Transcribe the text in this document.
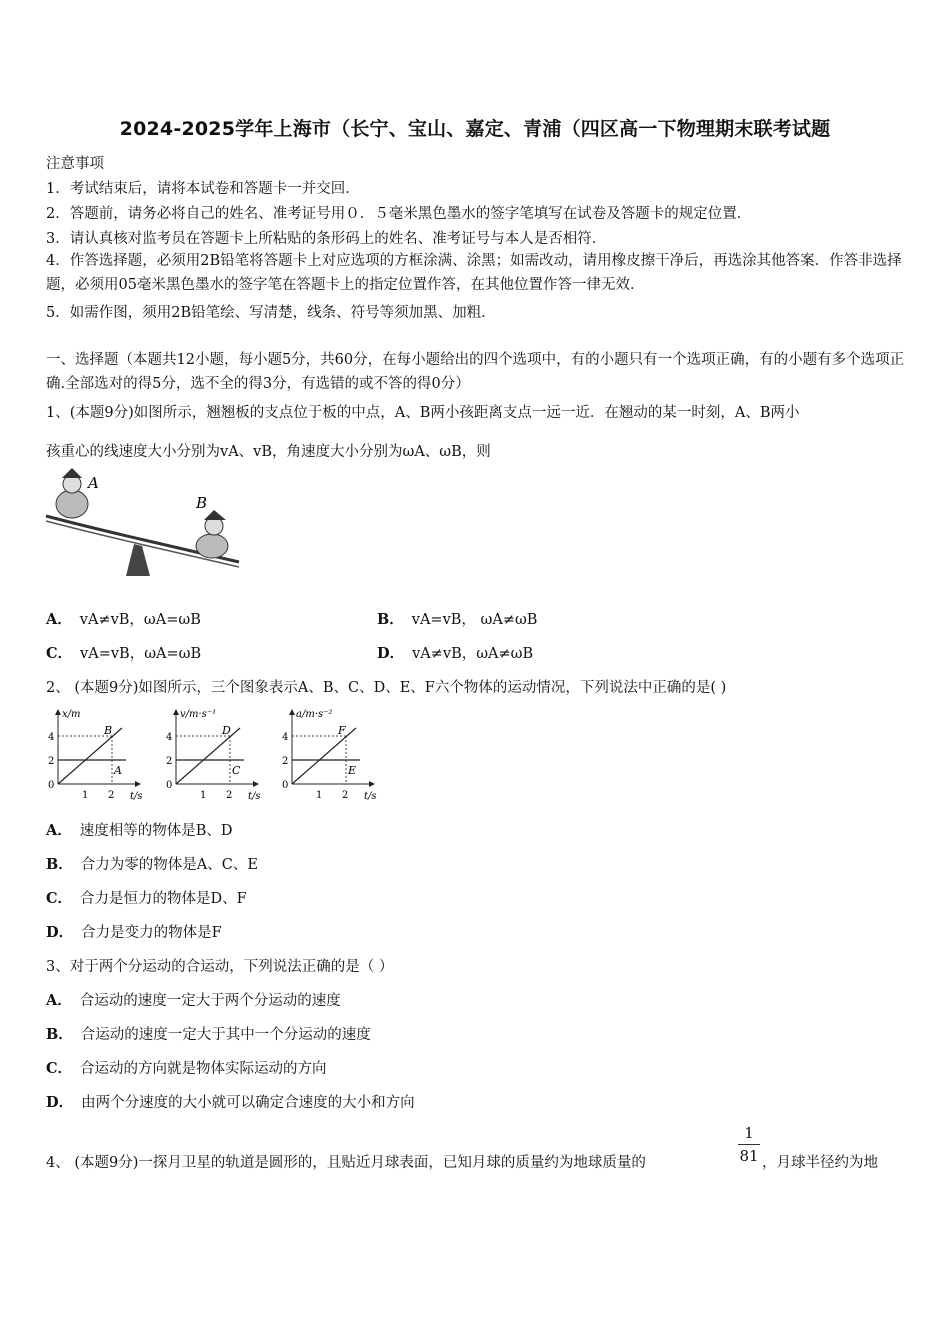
2024-2025学年上海市（长宁、宝山、嘉定、青浦（四区高一下物理期末联考试题
注意事项
1．考试结束后，请将本试卷和答题卡一并交回．
2．答题前，请务必将自己的姓名、准考证号用０．５毫米黑色墨水的签字笔填写在试卷及答题卡的规定位置．
3．请认真核对监考员在答题卡上所粘贴的条形码上的姓名、准考证号与本人是否相符．
4．作答选择题，必须用2B铅笔将答题卡上对应选项的方框涂满、涂黑；如需改动，请用橡皮擦干净后，再选涂其他答案．作答非选择题，必须用05毫米黑色墨水的签字笔在答题卡上的指定位置作答，在其他位置作答一律无效．
5．如需作图，须用2B铅笔绘、写清楚，线条、符号等须加黑、加粗．
一、选择题（本题共12小题，每小题5分，共60分，在每小题给出的四个选项中，有的小题只有一个选项正确，有的小题有多个选项正确.全部选对的得5分，选不全的得3分，有选错的或不答的得0分）
1、(本题9分)如图所示，翘翘板的支点位于板的中点，A、B两小孩距离支点一远一近．在翘动的某一时刻，A、B两小
孩重心的线速度大小分别为vA、vB，角速度大小分别为ωA、ωB，则
A
B
A． vA≠vB，ωA=ωB	B． vA=vB， ωA≠ωB
C． vA=vB，ωA=ωB	D． vA≠vB，ωA≠ωB
2、 (本题9分)如图所示，三个图象表示A、B、C、D、E、F六个物体的运动情况，下列说法中正确的是( )
x/m
t/s
B
A
4
2
0
1 2
v/m·s⁻¹
t/s
D
C
4
2
0
1 2
a/m·s⁻²
t/s
F
E
4
2
0
1 2
A． 速度相等的物体是B、D
B． 合力为零的物体是A、C、E
C． 合力是恒力的物体是D、F
D． 合力是变力的物体是F
3、对于两个分运动的合运动，下列说法正确的是（ ）
A． 合运动的速度一定大于两个分运动的速度
B． 合运动的速度一定大于其中一个分运动的速度
C． 合运动的方向就是物体实际运动的方向
D． 由两个分速度的大小就可以确定合速度的大小和方向
4、 (本题9分)一探月卫星的轨道是圆形的，且贴近月球表面，已知月球的质量约为地球质量的
1
81 ，月球半径约为地
